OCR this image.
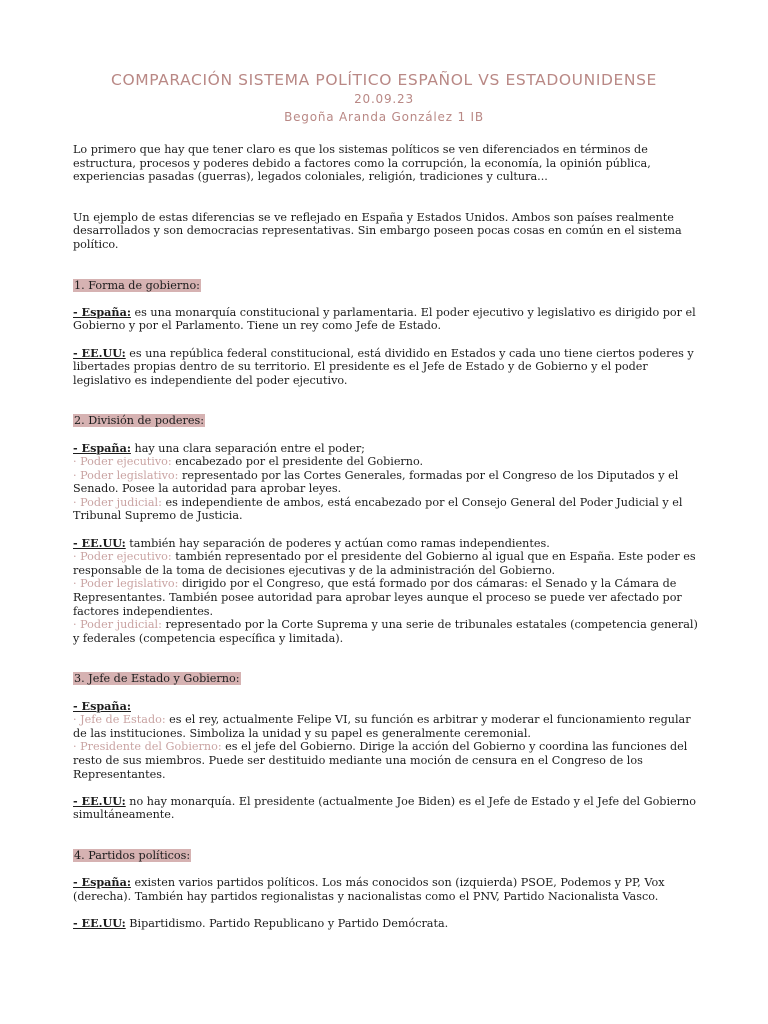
COMPARACIÓN SISTEMA POLÍTICO ESPAÑOL VS ESTADOUNIDENSE

20.09.23

Begoña Aranda González 1 IB

Lo primero que hay que tener claro es que los sistemas políticos se ven diferenciados en términos de estructura, procesos y poderes debido a factores como la corrupción, la economía, la opinión pública, experiencias pasadas (guerras), legados coloniales, religión, tradiciones y cultura...

Un ejemplo de estas diferencias se ve reflejado en España y Estados Unidos. Ambos son países realmente desarrollados y son democracias representativas. Sin embargo poseen pocas cosas en común en el sistema político.

1. Forma de gobierno:

- España: es una monarquía constitucional y parlamentaria. El poder ejecutivo y legislativo es dirigido por el Gobierno y por el Parlamento. Tiene un rey como Jefe de Estado.

- EE.UU: es una república federal constitucional, está dividido en Estados y cada uno tiene ciertos poderes y libertades propias dentro de su territorio. El presidente es el Jefe de Estado y de Gobierno y el poder legislativo es independiente del poder ejecutivo.

2. División de poderes:

- España: hay una clara separación entre el poder;

· Poder ejecutivo: encabezado por el presidente del Gobierno.

· Poder legislativo: representado por las Cortes Generales, formadas por el Congreso de los Diputados y el Senado. Posee la autoridad para aprobar leyes.

· Poder judicial: es independiente de ambos, está encabezado por el Consejo General del Poder Judicial y el Tribunal Supremo de Justicia.

- EE.UU: también hay separación de poderes y actúan como ramas independientes.

· Poder ejecutivo: también representado por el presidente del Gobierno al igual que en España. Este poder es responsable de la toma de decisiones ejecutivas y de la administración del Gobierno.

· Poder legislativo: dirigido por el Congreso, que está formado por dos cámaras: el Senado y la Cámara de Representantes. También posee autoridad para aprobar leyes aunque el proceso se puede ver afectado por factores independientes.

· Poder judicial: representado por la Corte Suprema y una serie de tribunales estatales (competencia general) y federales (competencia específica y limitada).

3. Jefe de Estado y Gobierno:

- España:

· Jefe de Estado: es el rey, actualmente Felipe VI, su función es arbitrar y moderar el funcionamiento regular de las instituciones. Simboliza la unidad y su papel es generalmente ceremonial.

· Presidente del Gobierno: es el jefe del Gobierno. Dirige la acción del Gobierno y coordina las funciones del resto de sus miembros. Puede ser destituido mediante una moción de censura en el Congreso de los Representantes.

- EE.UU: no hay monarquía. El presidente (actualmente Joe Biden) es el Jefe de Estado y el Jefe del Gobierno simultáneamente.

4. Partidos políticos:

- España: existen varios partidos políticos. Los más conocidos son (izquierda) PSOE, Podemos y PP, Vox (derecha). También hay partidos regionalistas y nacionalistas como el PNV, Partido Nacionalista Vasco.

- EE.UU: Bipartidismo. Partido Republicano y Partido Demócrata.
